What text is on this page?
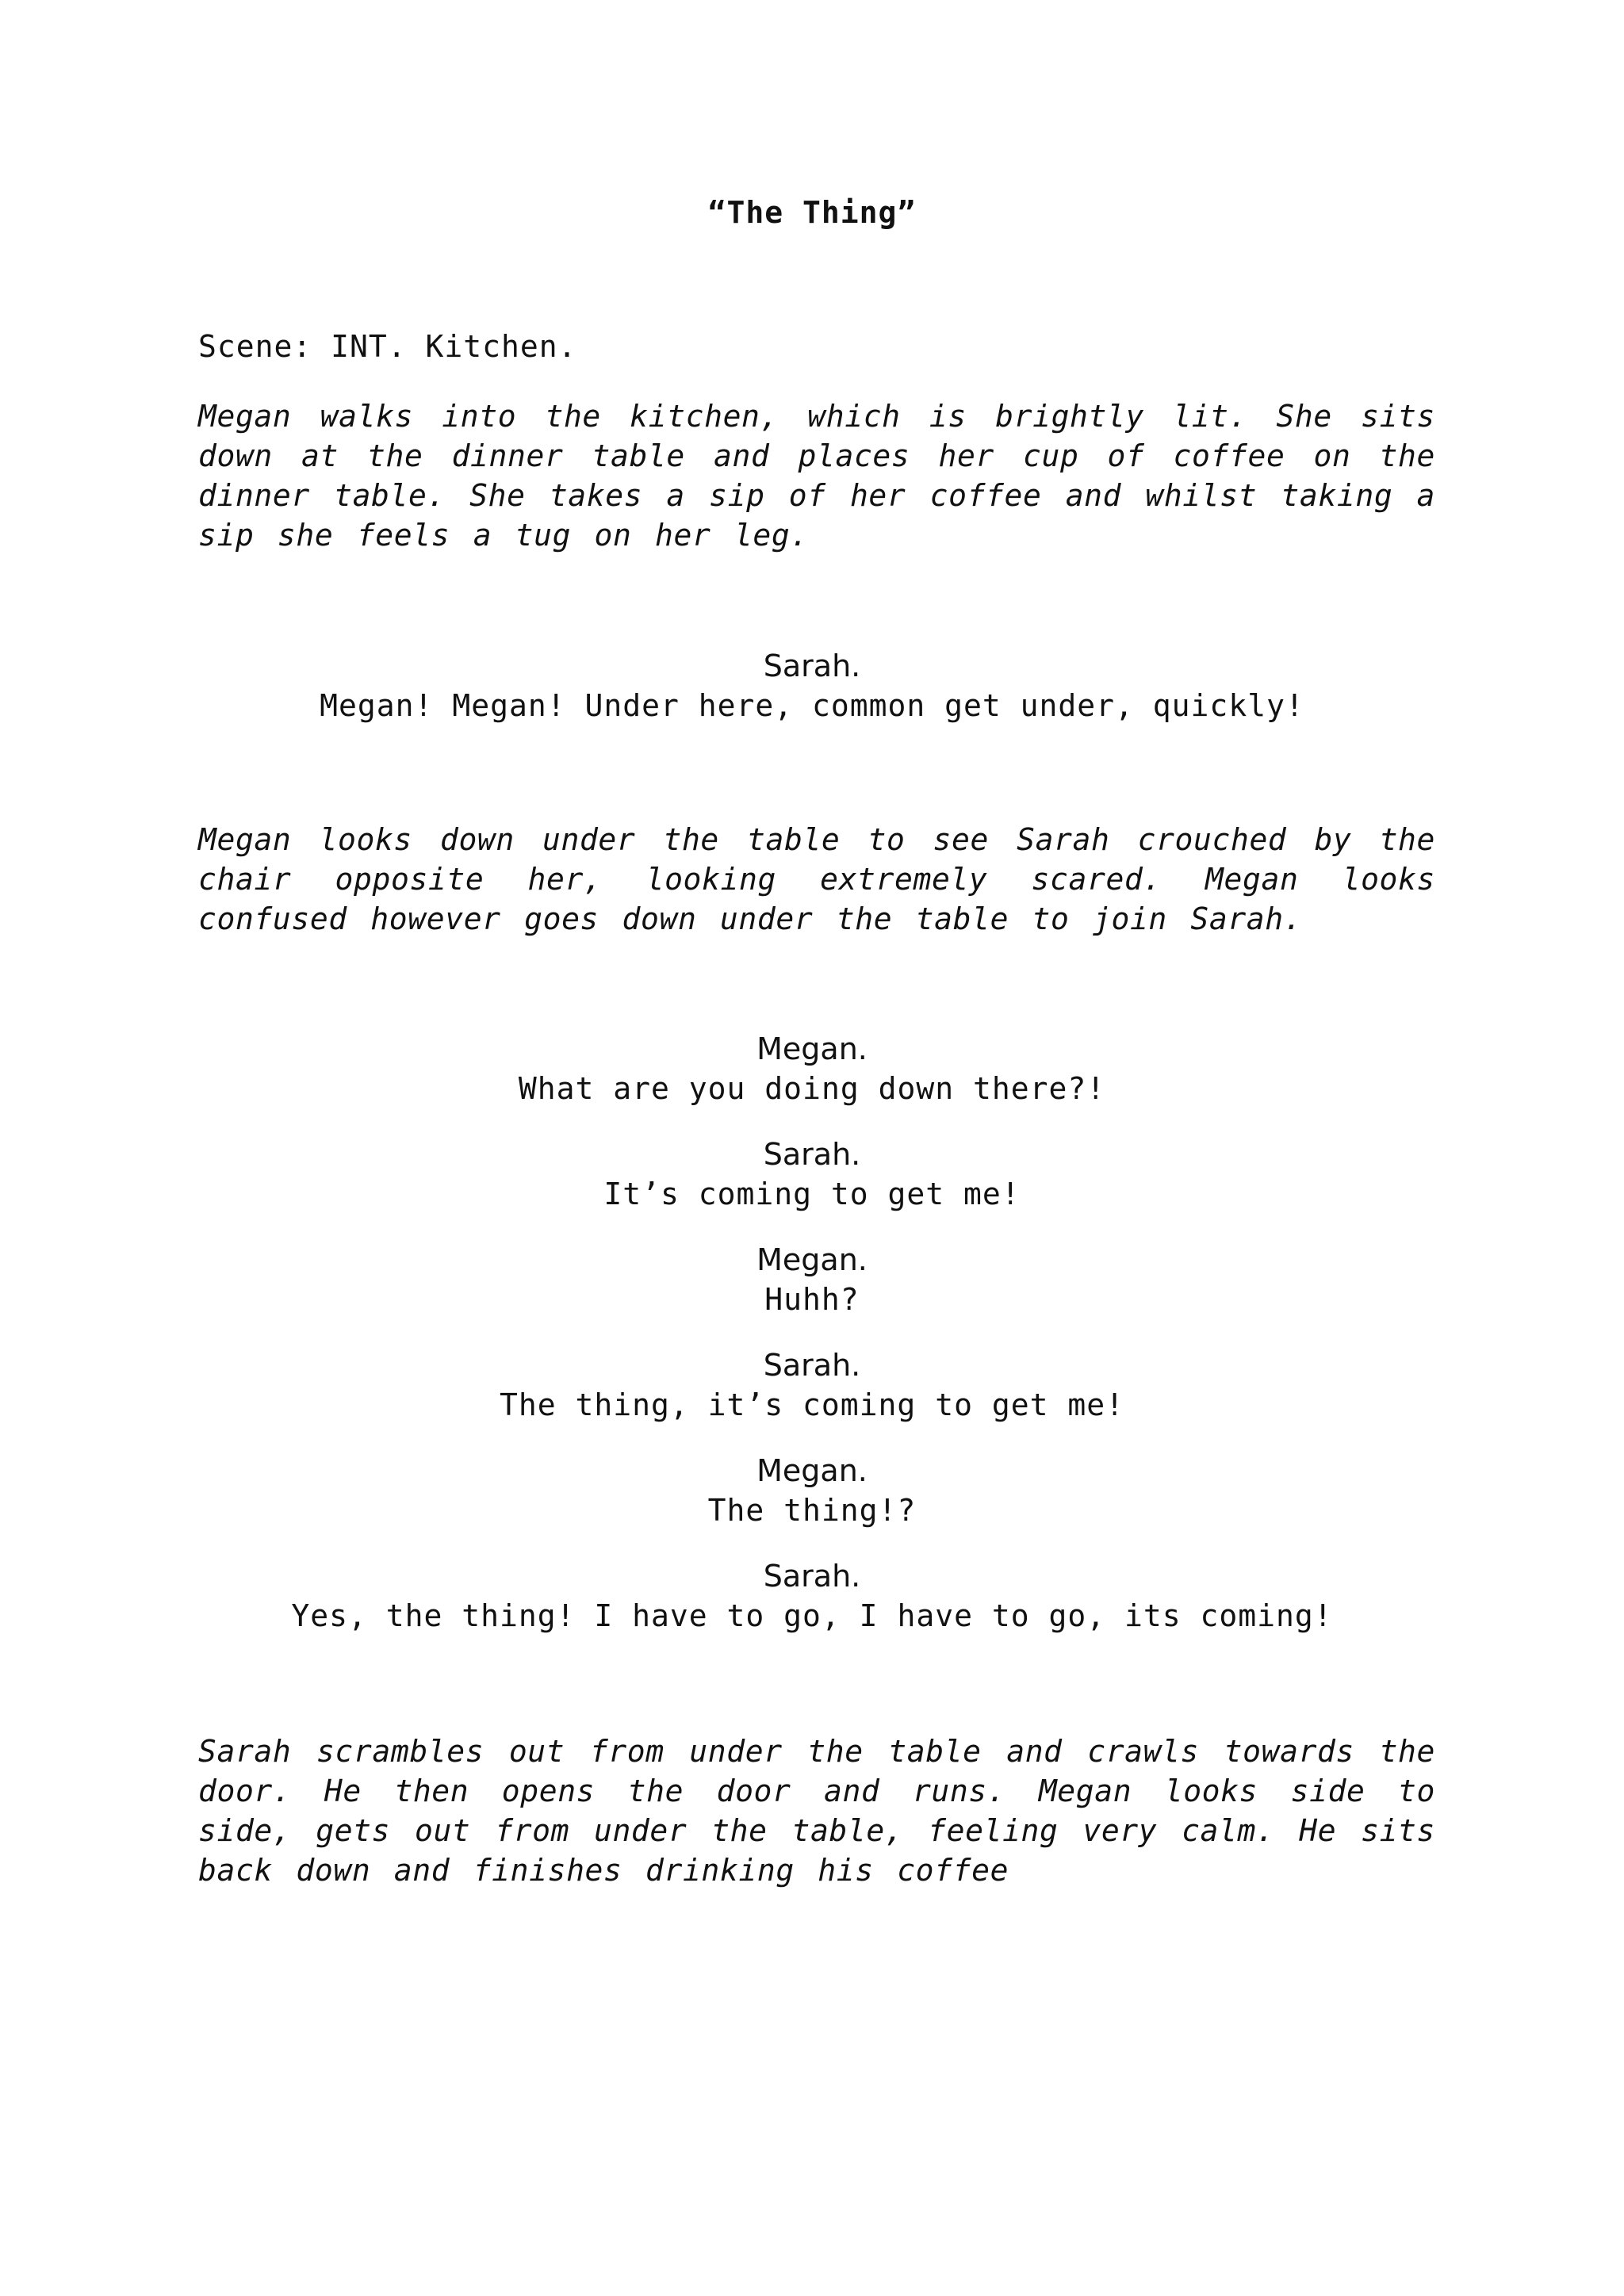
“The Thing”
Scene: INT. Kitchen.
Megan walks into the kitchen, which is brightly lit. She sits down at the dinner table and places her cup of coffee on the dinner table. She takes a sip of her coffee and whilst taking a sip she feels a tug on her leg.
Sarah.
Megan! Megan! Under here, common get under, quickly!
Megan looks down under the table to see Sarah crouched by the chair opposite her, looking extremely scared. Megan looks confused however goes down under the table to join Sarah.
Megan.
What are you doing down there?!
Sarah.
It’s coming to get me!
Megan.
Huhh?
Sarah.
The thing, it’s coming to get me!
Megan.
The thing!?
Sarah.
Yes, the thing! I have to go, I have to go, its coming!
Sarah scrambles out from under the table and crawls towards the door. He then opens the door and runs. Megan looks side to side, gets out from under the table, feeling very calm. He sits back down and finishes drinking his coffee
